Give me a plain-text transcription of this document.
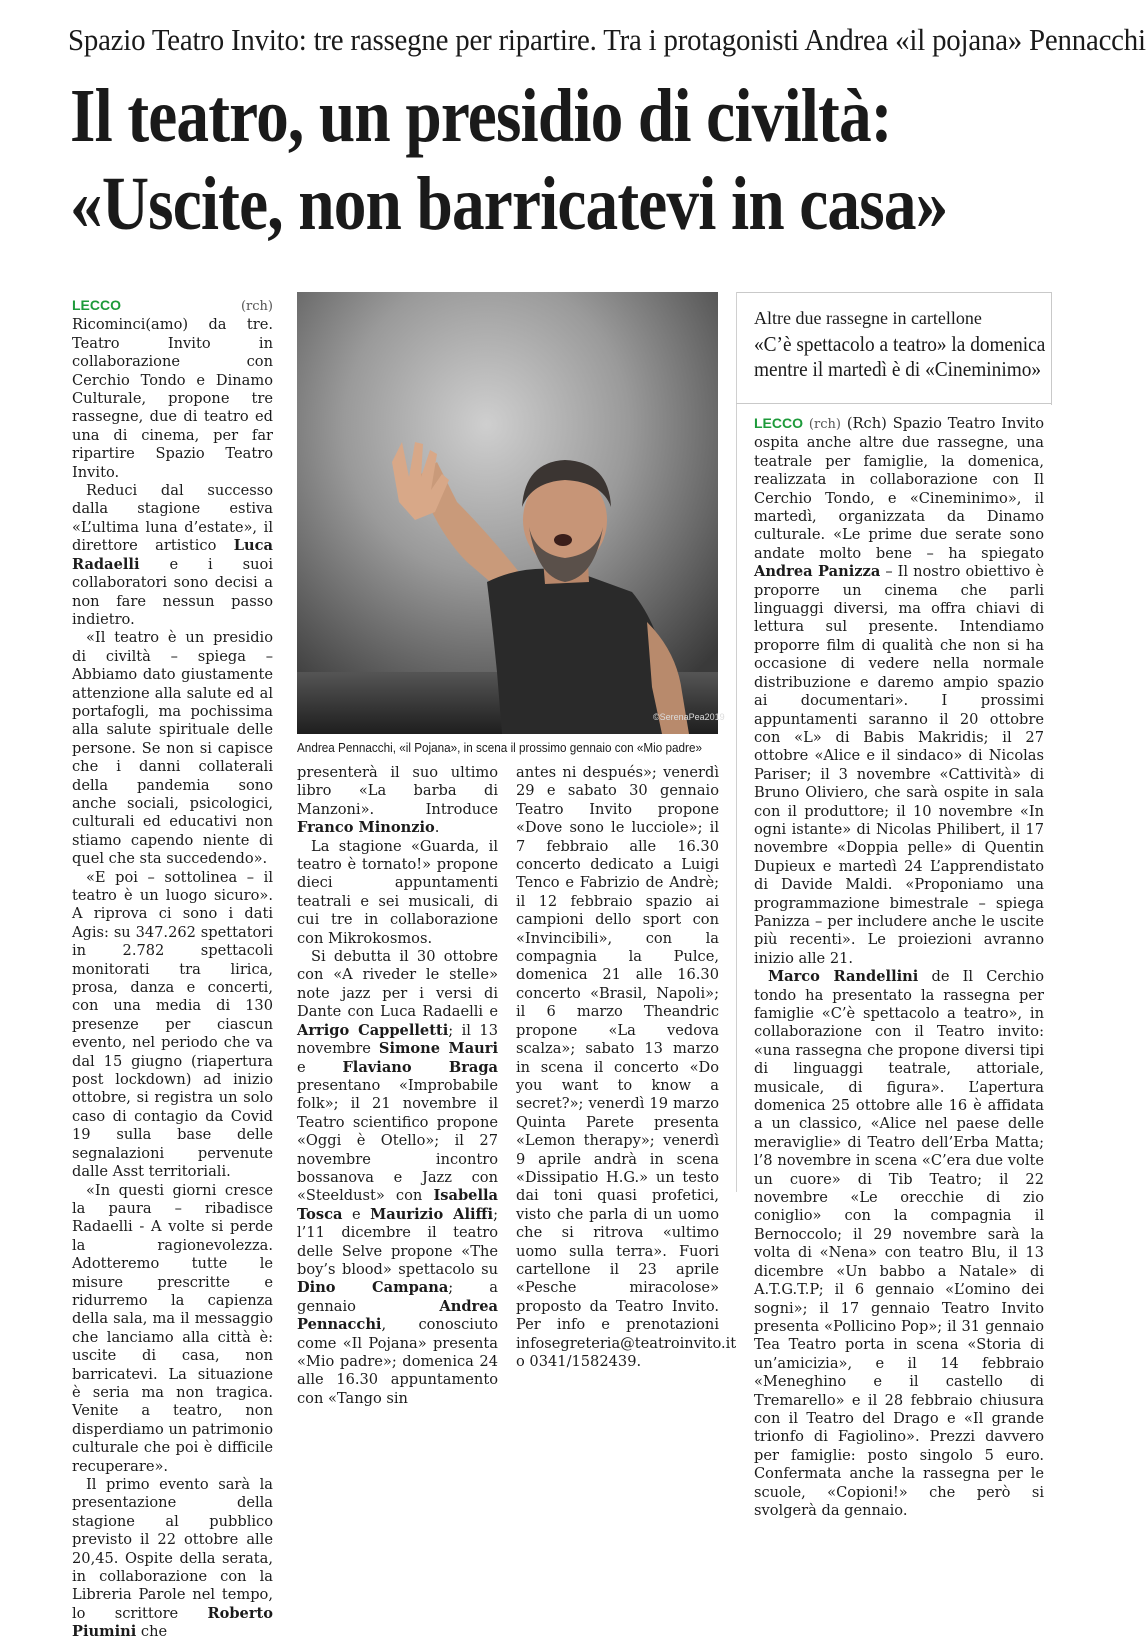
Spazio Teatro Invito: tre rassegne per ripartire. Tra i protagonisti Andrea «il pojana» Pennacchi
Il teatro, un presidio di civiltà:
«Uscite, non barricatevi in casa»

LECCO	(rch) Ricominci(amo) da tre. Teatro Invito in collaborazione con Cerchio Tondo e Dinamo Culturale, propone tre rassegne, due di teatro ed una di cinema, per far ripartire Spazio Teatro Invito.

Reduci dal successo dalla stagione estiva «L’ultima luna d’estate», il direttore artistico Luca Radaelli e i suoi collaboratori sono decisi a non fare nessun passo indietro.

«Il teatro è un presidio di civiltà – spiega – Abbiamo dato giustamente attenzione alla salute ed al portafogli, ma pochissima alla salute spirituale delle persone. Se non si capisce che i danni collaterali della pandemia sono anche sociali, psicologici, culturali ed educativi non stiamo capendo niente di quel che sta succedendo».

«E poi – sottolinea – il teatro è un luogo sicuro». A riprova ci sono i dati Agis: su 347.262 spettatori in 2.782 spettacoli monitorati tra lirica, prosa, danza e concerti, con una media di 130 presenze per ciascun evento, nel periodo che va dal 15 giugno (riapertura post lockdown) ad inizio ottobre, si registra un solo caso di contagio da Covid 19 sulla base delle segnalazioni pervenute dalle Asst territoriali.

«In questi giorni cresce la paura – ribadisce Radaelli - A volte si perde la ragionevolezza. Adotteremo tutte le misure prescritte e ridurremo la capienza della sala, ma il messaggio che lanciamo alla città è: uscite di casa, non barricatevi. La situazione è seria ma non tragica. Venite a teatro, non disperdiamo un patrimonio culturale che poi è difficile recuperare».

Il primo evento sarà la presentazione della stagione al pubblico previsto il 22 ottobre alle 20,45. Ospite della serata, in collaborazione con la Libreria Parole nel tempo, lo scrittore Roberto Piumini che

©SerenaPea2019
Andrea Pennacchi, «il Pojana», in scena il prossimo gennaio con «Mio padre»

presenterà il suo ultimo libro «La barba di Manzoni». Introduce Franco Minonzio.

La stagione «Guarda, il teatro è tornato!» propone dieci appuntamenti teatrali e sei musicali, di cui tre in collaborazione con Mikrokosmos.

Si debutta il 30 ottobre con «A riveder le stelle» note jazz per i versi di Dante con Luca Radaelli e Arrigo Cappelletti; il 13 novembre Simone Mauri e Flaviano Braga presentano «Improbabile folk»; il 21 novembre il Teatro scientifico propone «Oggi è Otello»; il 27 novembre incontro bossanova e Jazz con «Steeldust» con Isabella Tosca e Maurizio Aliffi; l’11 dicembre il teatro delle Selve propone «The boy’s blood» spettacolo su Dino Campana; a gennaio Andrea Pennacchi, conosciuto come «Il Pojana» presenta «Mio padre»; domenica 24 alle 16.30 appuntamento con «Tango sin

antes ni después»; venerdì 29 e sabato 30 gennaio Teatro Invito propone «Dove sono le lucciole»; il 7 febbraio alle 16.30 concerto dedicato a Luigi Tenco e Fabrizio de Andrè; il 12 febbraio spazio ai campioni dello sport con «Invincibili», con la compagnia la Pulce, domenica 21 alle 16.30 concerto «Brasil, Napoli»; il 6 marzo Theandric propone «La vedova scalza»; sabato 13 marzo in scena il concerto «Do you want to know a secret?»; venerdì 19 marzo Quinta Parete presenta «Lemon therapy»; venerdì 9 aprile andrà in scena «Dissipatio H.G.» un testo dai toni quasi profetici, visto che parla di un uomo che si ritrova «ultimo uomo sulla terra». Fuori cartellone il 23 aprile «Pesche miracolose» proposto da Teatro Invito. Per info e prenotazioni infosegreteria@teatroinvito.it o 0341/1582439.

Altre due rassegne in cartellone
«C’è spettacolo a teatro» la domenica
mentre il martedì è di «Cineminimo»

LECCO (rch) (Rch) Spazio Teatro Invito ospita anche altre due rassegne, una teatrale per famiglie, la domenica, realizzata in collaborazione con Il Cerchio Tondo, e «Cineminimo», il martedì, organizzata da Dinamo culturale. «Le prime due serate sono andate molto bene – ha spiegato Andrea Panizza – Il nostro obiettivo è proporre un cinema che parli linguaggi diversi, ma offra chiavi di lettura sul presente. Intendiamo proporre film di qualità che non si ha occasione di vedere nella normale distribuzione e daremo ampio spazio ai documentari». I prossimi appuntamenti saranno il 20 ottobre con «L» di Babis Makridis; il 27 ottobre «Alice e il sindaco» di Nicolas Pariser; il 3 novembre «Cattività» di Bruno Oliviero, che sarà ospite in sala con il produttore; il 10 novembre «In ogni istante» di Nicolas Philibert, il 17 novembre «Doppia pelle» di Quentin Dupieux e martedì 24 L’apprendistato di Davide Maldi. «Proponiamo una programmazione bimestrale – spiega Panizza – per includere anche le uscite più recenti». Le proiezioni avranno inizio alle 21.

Marco Randellini de Il Cerchio tondo ha presentato la rassegna per famiglie «C’è spettacolo a teatro», in collaborazione con il Teatro invito: «una rassegna che propone diversi tipi di linguaggi teatrale, attoriale, musicale, di figura». L’apertura domenica 25 ottobre alle 16 è affidata a un classico, «Alice nel paese delle meraviglie» di Teatro dell’Erba Matta; l’8 novembre in scena «C’era due volte un cuore» di Tib Teatro; il 22 novembre «Le orecchie di zio coniglio» con la compagnia il Bernoccolo; il 29 novembre sarà la volta di «Nena» con teatro Blu, il 13 dicembre «Un babbo a Natale» di A.T.G.T.P; il 6 gennaio «L’omino dei sogni»; il 17 gennaio Teatro Invito presenta «Pollicino Pop»; il 31 gennaio Tea Teatro porta in scena «Storia di un’amicizia», e il 14 febbraio «Meneghino e il castello di Tremarello» e il 28 febbraio chiusura con il Teatro del Drago e «Il grande trionfo di Fagiolino». Prezzi davvero per famiglie: posto singolo 5 euro. Confermata anche la rassegna per le scuole, «Copioni!» che però si svolgerà da gennaio.
